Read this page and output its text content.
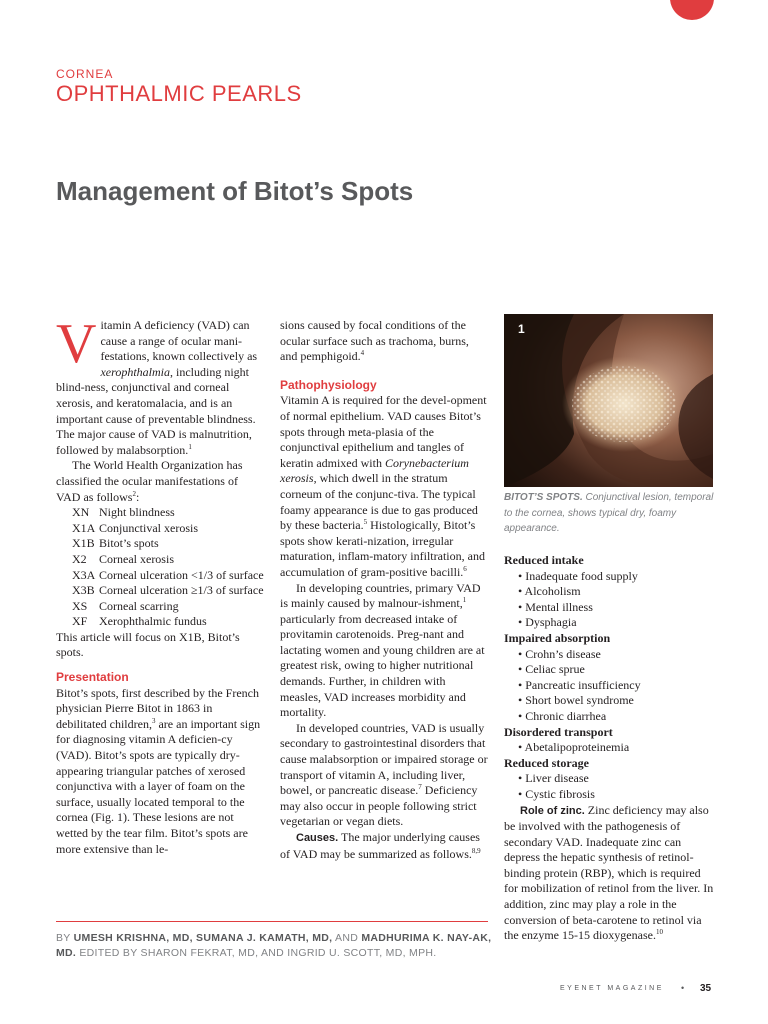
CORNEA
OPHTHALMIC PEARLS
Management of Bitot’s Spots

Vitamin A deficiency (VAD) can cause a range of ocular mani-festations, known collectively as xerophthalmia, including night blind-ness, conjunctival and corneal xerosis, and keratomalacia, and is an important cause of preventable blindness. The major cause of VAD is malnutrition, followed by malabsorption.$^1$

The World Health Organization has classified the ocular manifestations of VAD as follows$^2$:

XN Night blindness
X1A Conjunctival xerosis
X1B Bitot’s spots
X2	Corneal xerosis
X3A Corneal ulceration <1/3 of surface
X3B Corneal ulceration ≥1/3 of surface
XS Corneal scarring
XF Xerophthalmic fundus

This article will focus on X1B, Bitot’s spots.

Presentation

Bitot’s spots, first described by the French physician Pierre Bitot in 1863 in debilitated children,$^3$ are an important sign for diagnosing vitamin A deficien-cy (VAD). Bitot’s spots are typically dry-appearing triangular patches of xerosed conjunctiva with a layer of foam on the surface, usually located temporal to the cornea (Fig. 1). These lesions are not wetted by the tear film. Bitot’s spots are more extensive than le-

sions caused by focal conditions of the ocular surface such as trachoma, burns, and pemphigoid.$^4$

Pathophysiology

Vitamin A is required for the devel-opment of normal epithelium. VAD causes Bitot’s spots through meta-plasia of the conjunctival epithelium and tangles of keratin admixed with Corynebacterium xerosis, which dwell in the stratum corneum of the conjunc-tiva. The typical foamy appearance is due to gas produced by these bacteria.$^5$ Histologically, Bitot’s spots show kerati-nization, irregular maturation, inflam-matory infiltration, and accumulation of gram-positive bacilli.$^6$

In developing countries, primary VAD is mainly caused by malnour-ishment,$^1$ particularly from decreased intake of provitamin carotenoids. Preg-nant and lactating women and young children are at greatest risk, owing to higher nutritional demands. Further, in children with measles, VAD increases morbidity and mortality.

In developed countries, VAD is usually secondary to gastrointestinal disorders that cause malabsorption or impaired storage or transport of vitamin A, including liver, bowel, or pancreatic disease.$^7$ Deficiency may also occur in people following strict vegetarian or vegan diets.

Causes. The major underlying causes of VAD may be summarized as follows.$^{8,9}$

1
BITOT’S SPOTS. Conjunctival lesion, temporal to the cornea, shows typical dry, foamy appearance.
Reduced intake
• Inadequate food supply
• Alcoholism
• Mental illness
• Dysphagia
Impaired absorption
• Crohn’s disease
• Celiac sprue
• Pancreatic insufficiency
• Short bowel syndrome
• Chronic diarrhea
Disordered transport
• Abetalipoproteinemia
Reduced storage
• Liver disease
• Cystic fibrosis

Role of zinc. Zinc deficiency may also be involved with the pathogenesis of secondary VAD. Inadequate zinc can depress the hepatic synthesis of retinol-binding protein (RBP), which is required for mobilization of retinol from the liver. In addition, zinc may play a role in the conversion of beta-carotene to retinol via the enzyme 15-15 dioxygenase.$^{10}$

BY UMESH KRISHNA, MD, SUMANA J. KAMATH, MD, AND MADHURIMA K. NAY-AK, MD. EDITED BY SHARON FEKRAT, MD, AND INGRID U. SCOTT, MD, MPH.
EYENET MAGAZINE • 35
